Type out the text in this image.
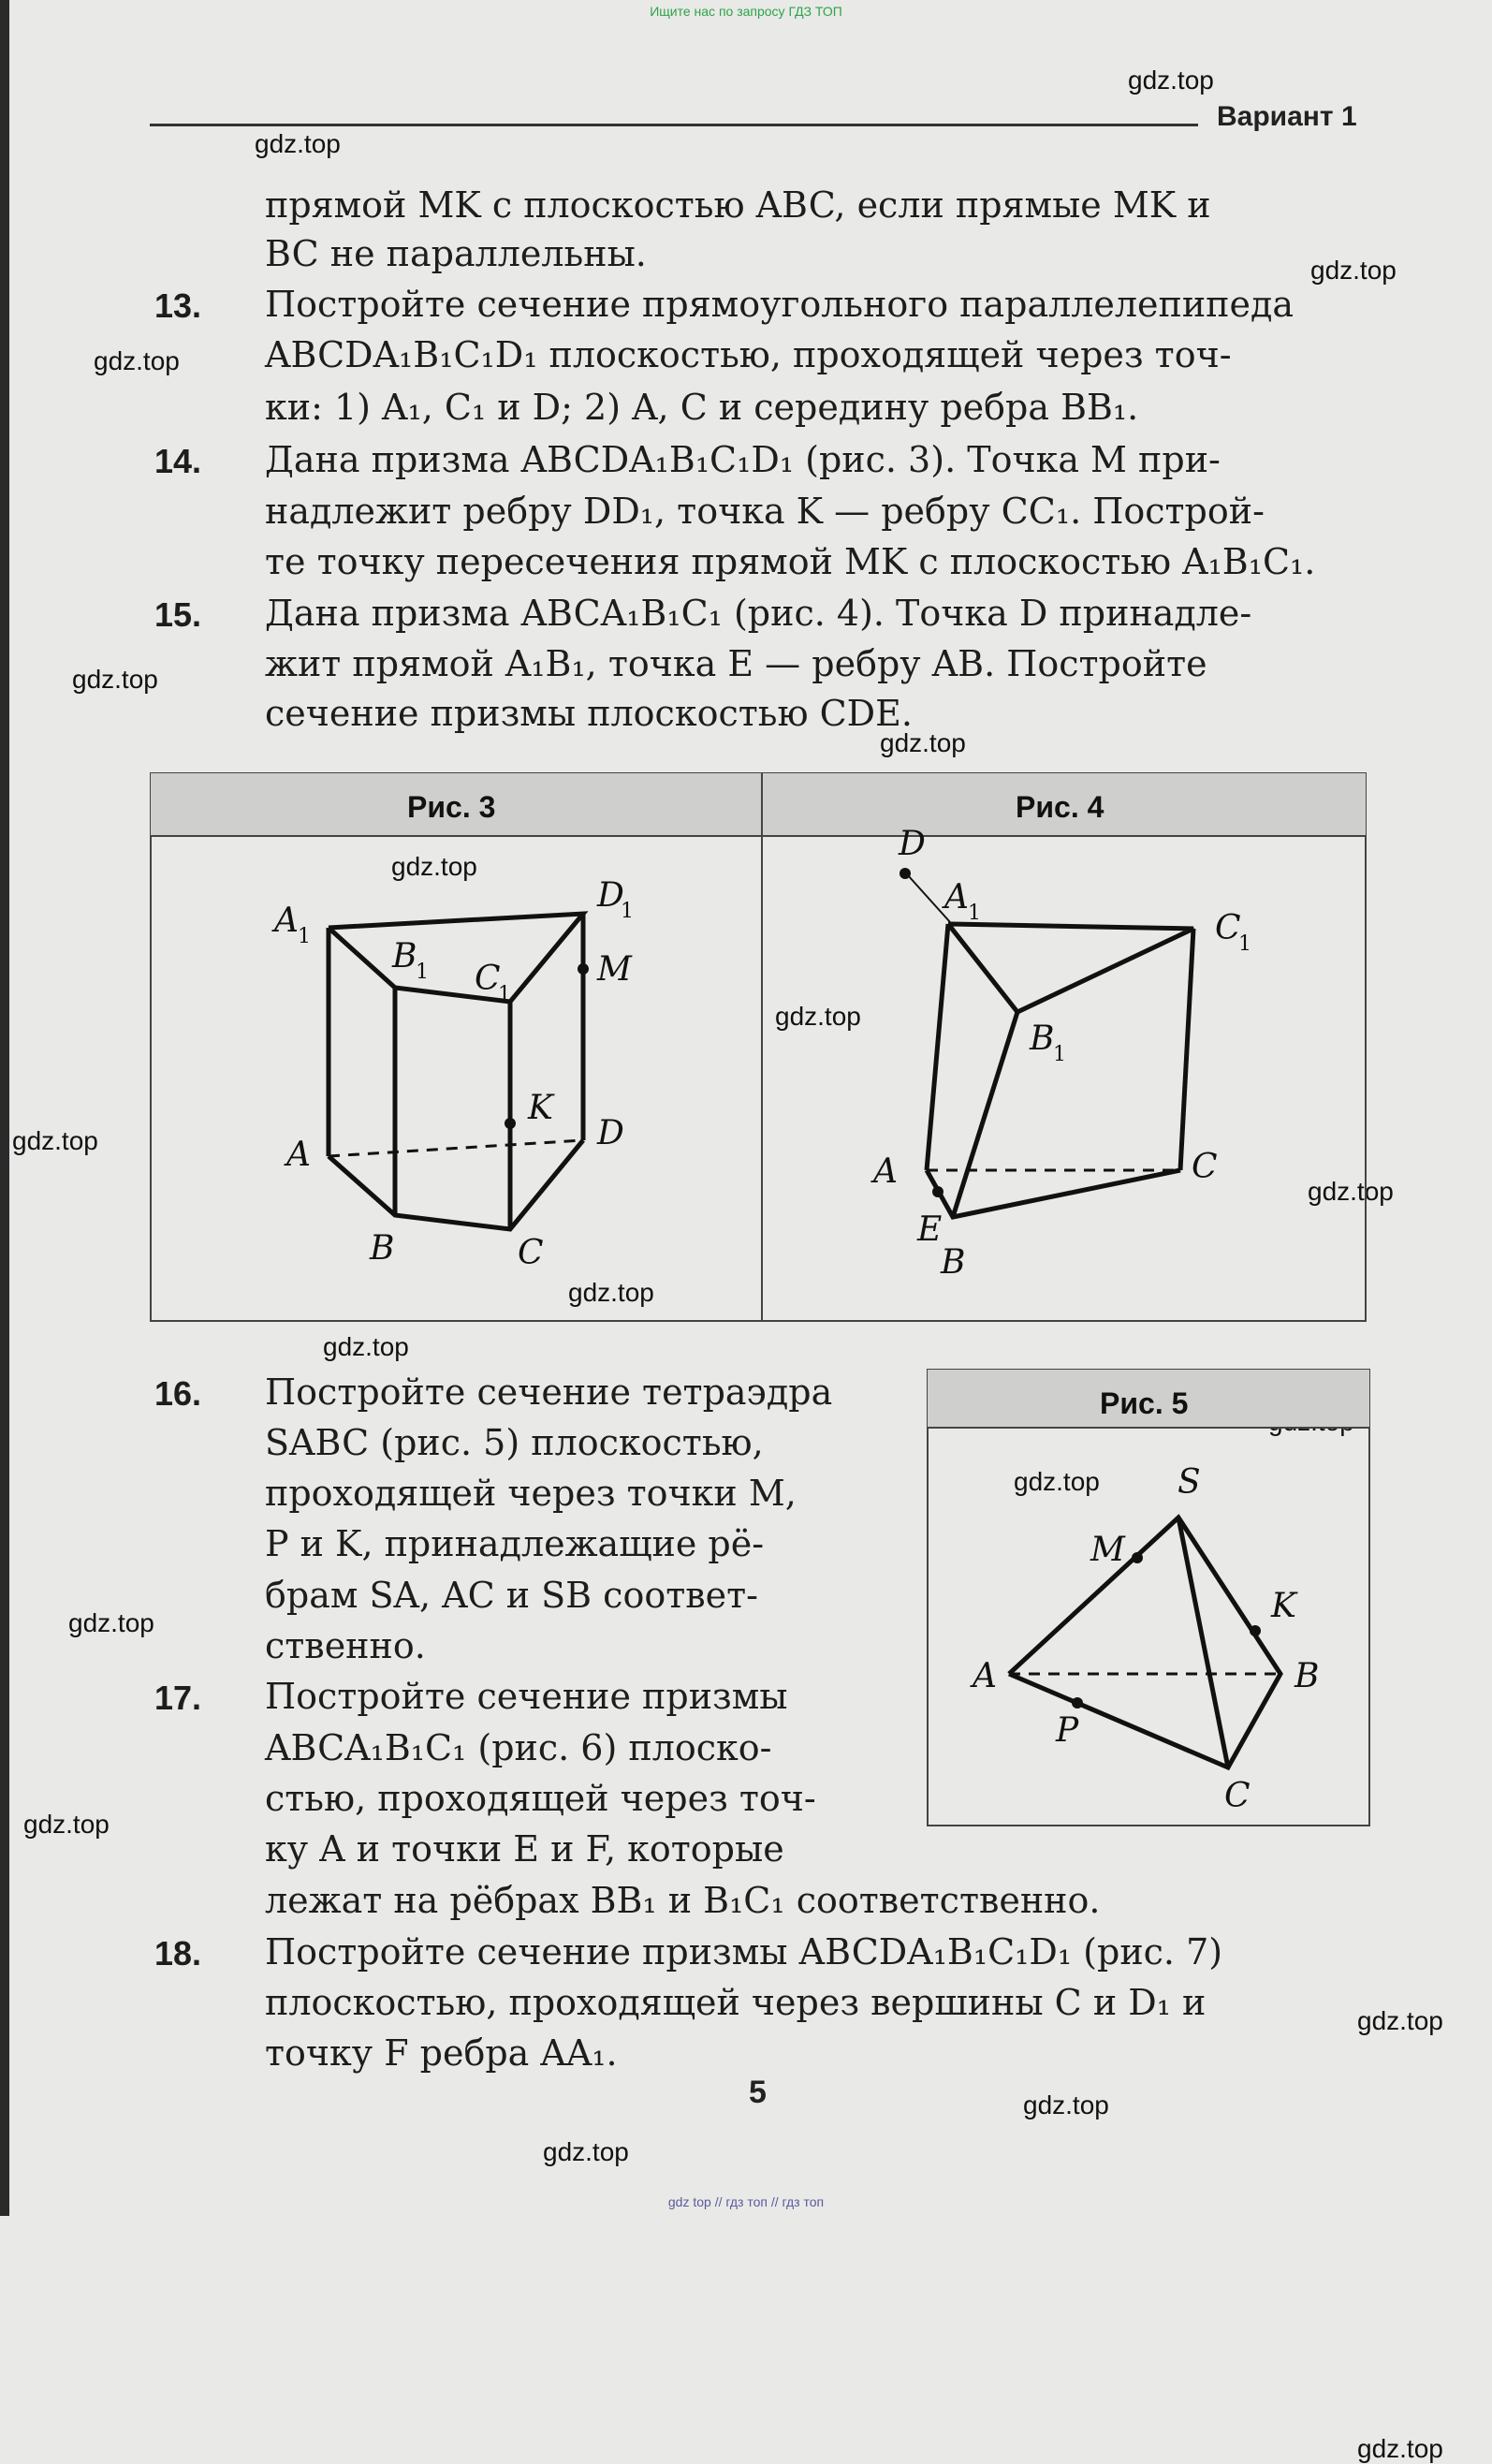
Ищите нас по запросу ГДЗ ТОП
Вариант 1
gdz.top
gdz.top
gdz.top
gdz.top
gdz.top
gdz.top
gdz.top
gdz.top
gdz.top
gdz.top
gdz.top
gdz.top
gdz.top
gdz.top
gdz.top
gdz.top
gdz.top
gdz.top
gdz.top
прямой MK с плоскостью ABC, если прямые MK и
BC не параллельны.
13. Постройте сечение прямоугольного параллелепипеда
ABCDA₁B₁C₁D₁ плоскостью, проходящей через точ-
ки: 1) A₁, C₁ и D; 2) A, C и середину ребра BB₁.
14. Дана призма ABCDA₁B₁C₁D₁ (рис. 3). Точка M при-
надлежит ребру DD₁, точка K — ребру CC₁. Построй-
те точку пересечения прямой MK с плоскостью A₁B₁C₁.
15. Дана призма ABCA₁B₁C₁ (рис. 4). Точка D принадле-
жит прямой A₁B₁, точка E — ребру AB. Постройте
сечение призмы плоскостью CDE.
Рис. 3	Рис. 4
A 1
D
1
B
1 C
1
M
K
A
D
B	C
D
A 1	C
1
B
1
A	C
E
B
16. Постройте сечение тетраэдра
SABC (рис. 5) плоскостью,
проходящей через точки M,
P и K, принадлежащие рё-
брам SA, AC и SB соответ-
ственно.
Рис. 5
S
M
K
A	B
P
C
17. Постройте сечение призмы
ABCA₁B₁C₁ (рис. 6) плоско-
стью, проходящей через точ-
ку A и точки E и F, которые
лежат на рёбрах BB₁ и B₁C₁ соответственно.
18. Постройте сечение призмы ABCDA₁B₁C₁D₁ (рис. 7)
плоскостью, проходящей через вершины C и D₁ и
точку F ребра AA₁.
5
gdz top // гдз топ // гдз топ
